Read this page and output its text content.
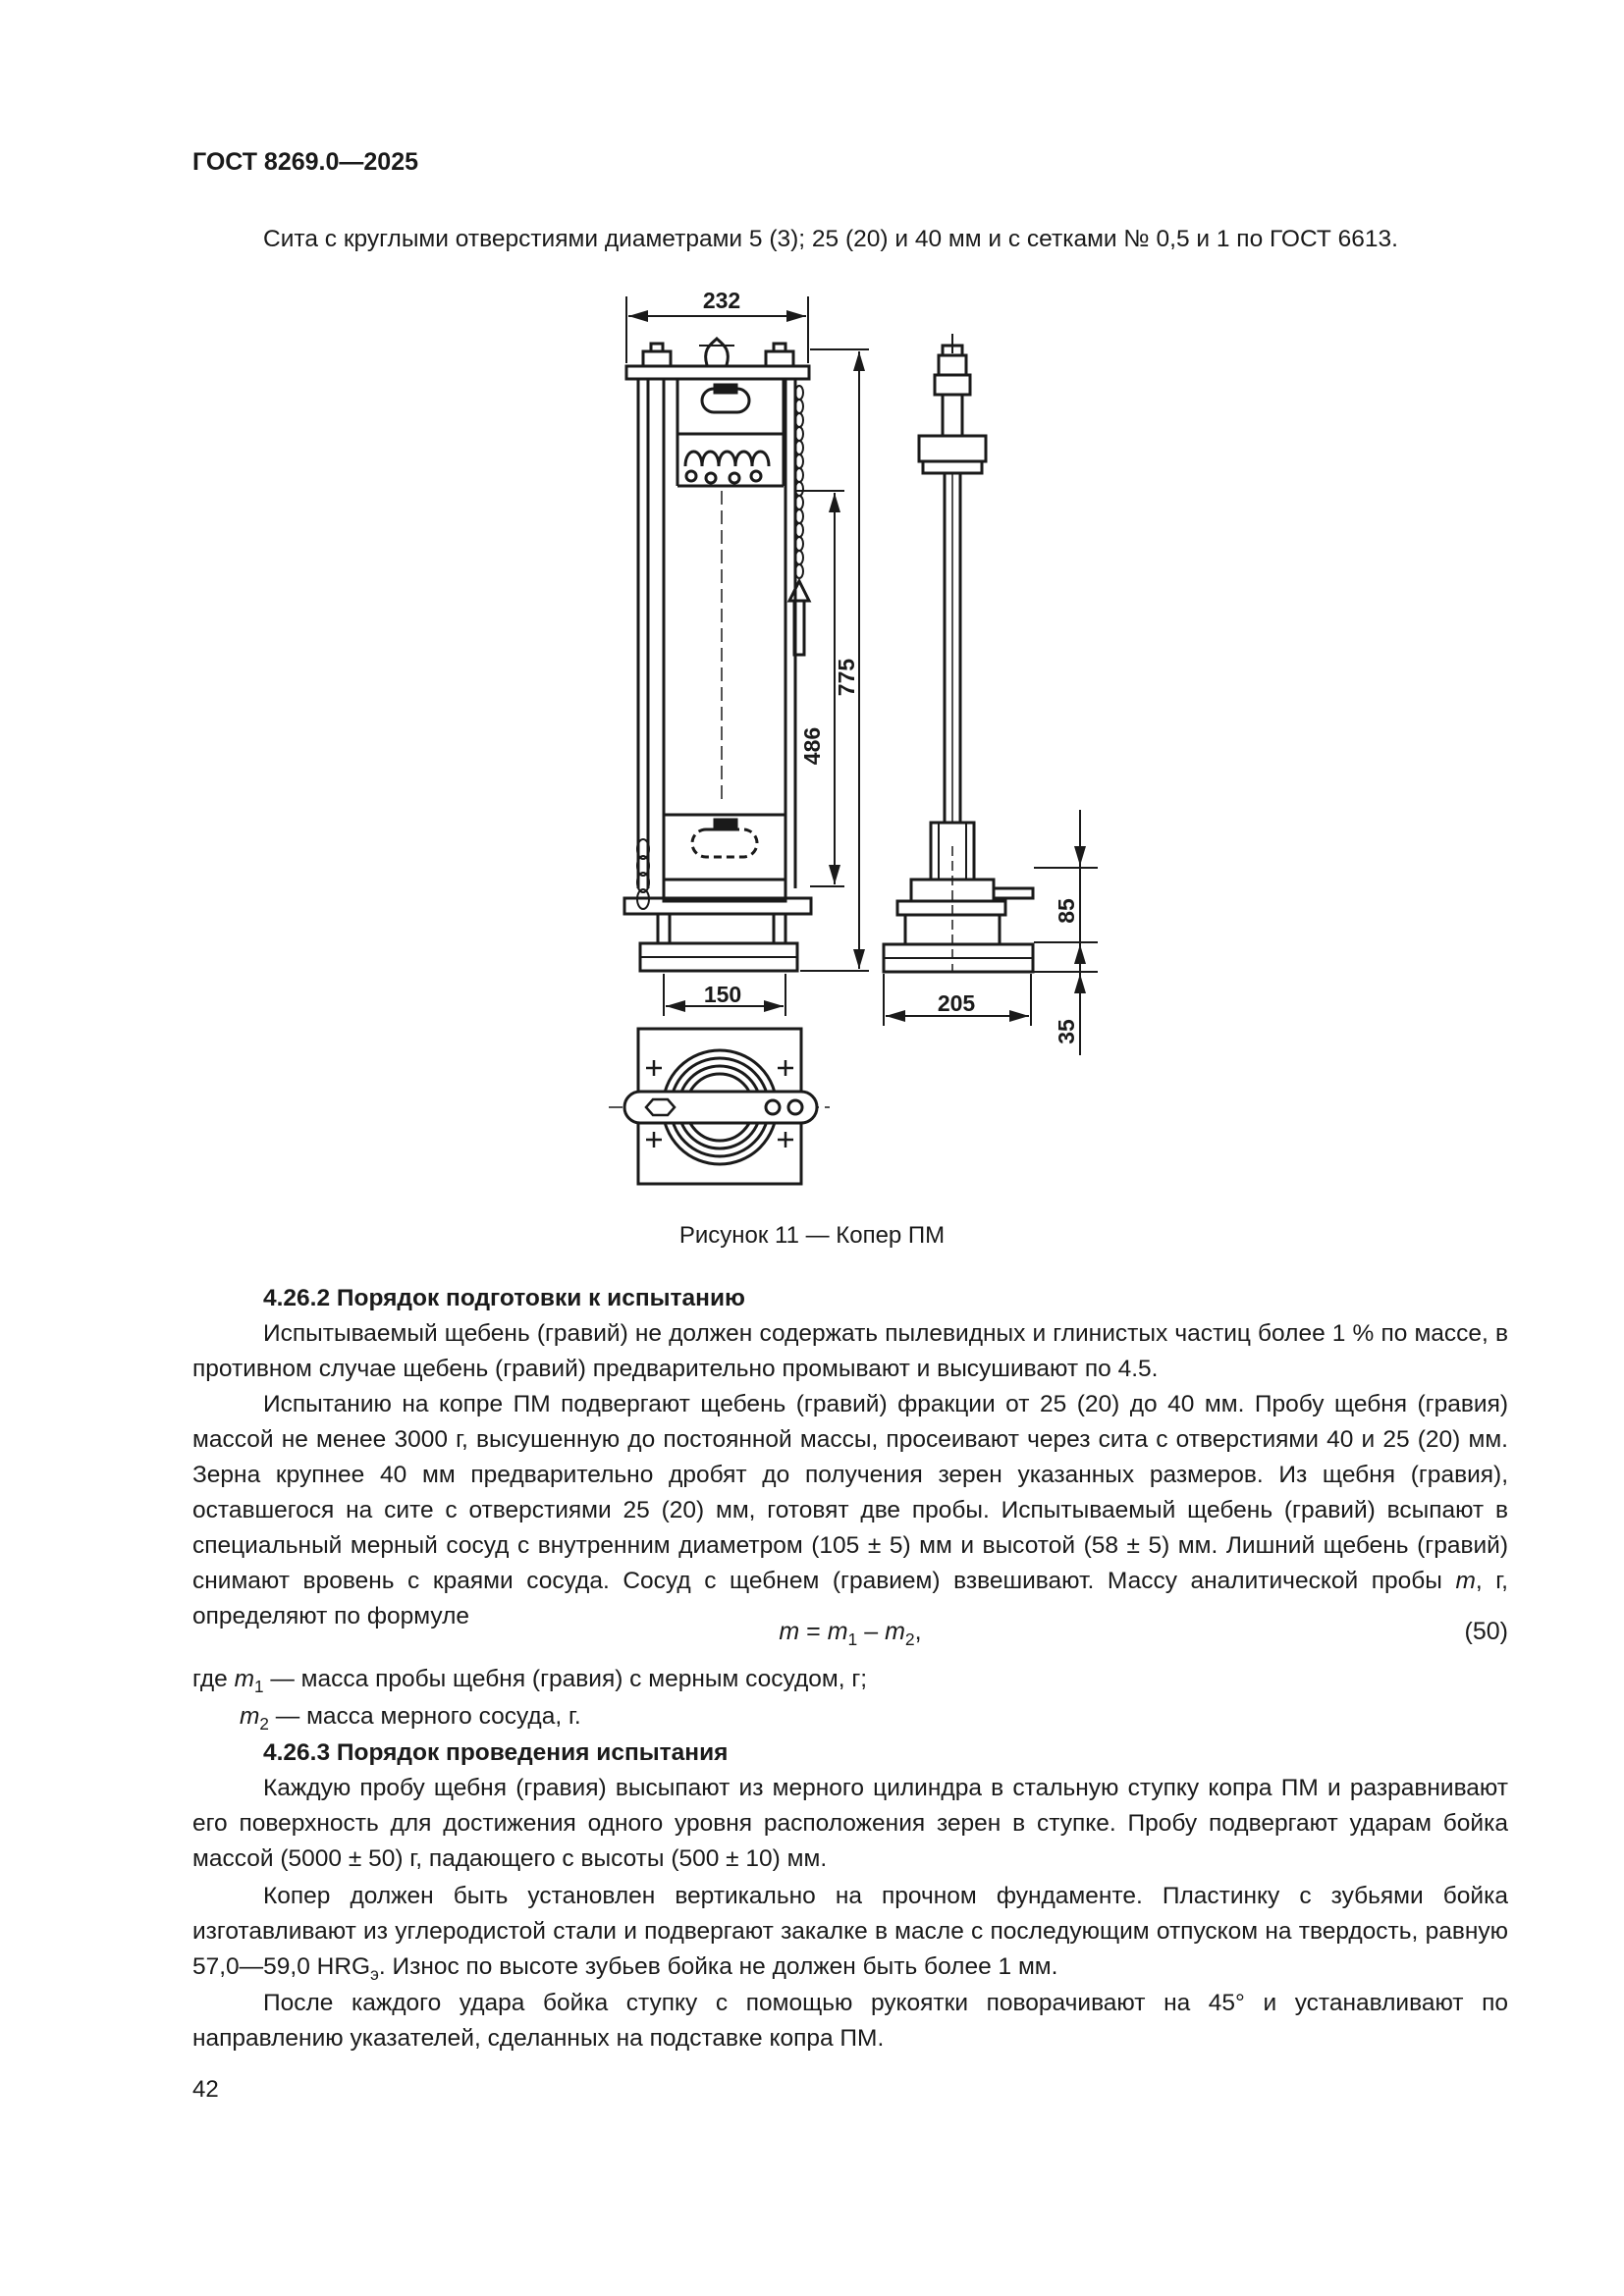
ГОСТ 8269.0—2025
Сита с круглыми отверстиями диаметрами 5 (3); 25 (20) и 40 мм и с сетками № 0,5 и 1 по ГОСТ 6613.
232
775
486
150	205
85
35
Рисунок 11 — Копер ПМ
4.26.2 Порядок подготовки к испытанию
Испытываемый щебень (гравий) не должен содержать пылевидных и глинистых частиц более 1 % по массе, в противном случае щебень (гравий) предварительно промывают и высушивают по 4.5.
Испытанию на копре ПМ подвергают щебень (гравий) фракции от 25 (20) до 40 мм. Пробу щебня (гравия) массой не менее 3000 г, высушенную до постоянной массы, просеивают через сита с отверстиями 40 и 25 (20) мм. Зерна крупнее 40 мм предварительно дробят до получения зерен указанных размеров. Из щебня (гравия), оставшегося на сите с отверстиями 25 (20) мм, готовят две пробы. Испытываемый щебень (гравий) всыпают в специальный мерный сосуд с внутренним диаметром (105 ± 5) мм и высотой (58 ± 5) мм. Лишний щебень (гравий) снимают вровень с краями сосуда. Сосуд с щебнем (гравием) взвешивают. Массу аналитической пробы m, г, определяют по формуле
$m = m_1 - m_2$,	(50)
где $m_1$ — масса пробы щебня (гравия) с мерным сосудом, г;
$m_2$ — масса мерного сосуда, г.
4.26.3 Порядок проведения испытания
Каждую пробу щебня (гравия) высыпают из мерного цилиндра в стальную ступку копра ПМ и разравнивают его поверхность для достижения одного уровня расположения зерен в ступке. Пробу подвергают ударам бойка массой (5000 ± 50) г, падающего с высоты (500 ± 10) мм.
Копер должен быть установлен вертикально на прочном фундаменте. Пластинку с зубьями бойка изготавливают из углеродистой стали и подвергают закалке в масле с последующим отпуском на твердость, равную 57,0—59,0 $HRG_э$. Износ по высоте зубьев бойка не должен быть более 1 мм.
После каждого удара бойка ступку с помощью рукоятки поворачивают на 45° и устанавливают по направлению указателей, сделанных на подставке копра ПМ.
42
